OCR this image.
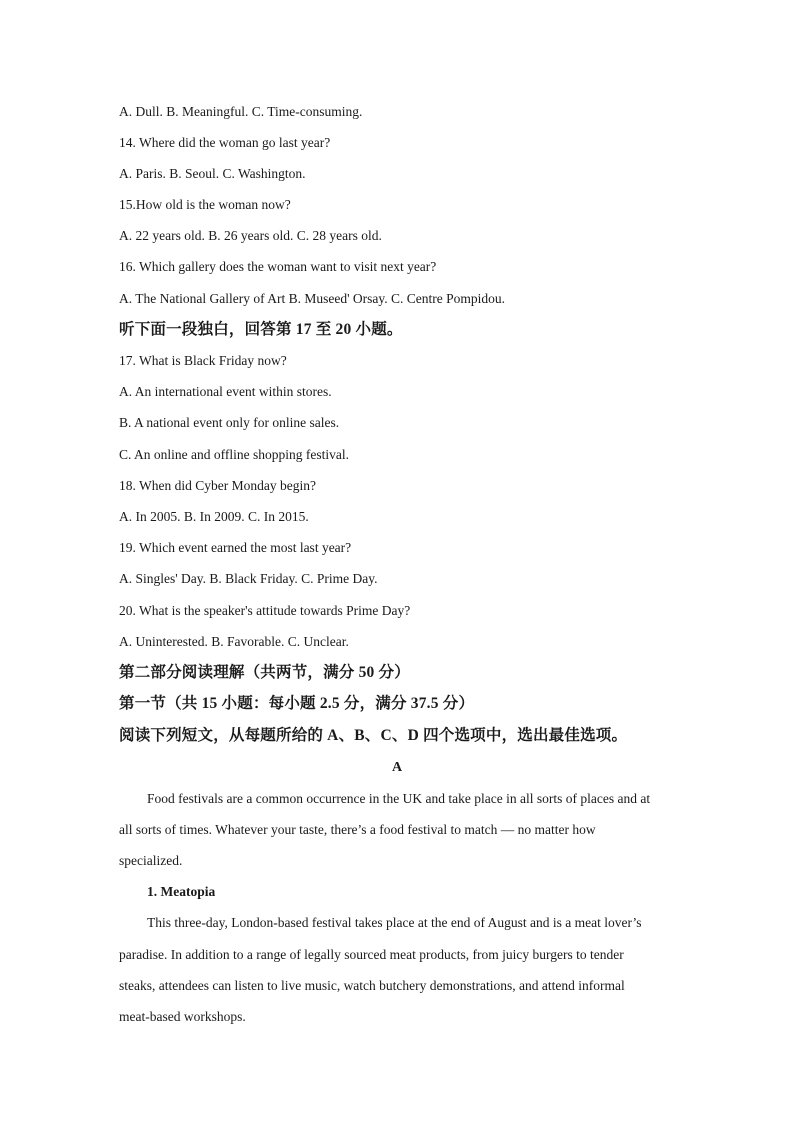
A. Dull. B. Meaningful. C. Time-consuming.
14. Where did the woman go last year?
A. Paris. B. Seoul. C. Washington.
15.How old is the woman now?
A. 22 years old. B. 26 years old. C. 28 years old.
16. Which gallery does the woman want to visit next year?
A. The National Gallery of Art B. Museed' Orsay. C. Centre Pompidou.
听下面一段独白，回答第 17 至 20 小题。
17. What is Black Friday now?
A. An international event within stores.
B. A national event only for online sales.
C. An online and offline shopping festival.
18. When did Cyber Monday begin?
A. In 2005. B. In 2009. C. In 2015.
19. Which event earned the most last year?
A. Singles' Day. B. Black Friday. C. Prime Day.
20. What is the speaker's attitude towards Prime Day?
A. Uninterested. B. Favorable. C. Unclear.
第二部分阅读理解（共两节，满分 50 分）
第一节（共 15 小题：每小题 2.5 分，满分 37.5 分）
阅读下列短文，从每题所给的 A、B、C、D 四个选项中，选出最佳选项。
A
Food festivals are a common occurrence in the UK and take place in all sorts of places and at
all sorts of times. Whatever your taste, there’s a food festival to match — no matter how
specialized.
1. Meatopia
This three-day, London-based festival takes place at the end of August and is a meat lover’s
paradise. In addition to a range of legally sourced meat products, from juicy burgers to tender
steaks, attendees can listen to live music, watch butchery demonstrations, and attend informal
meat-based workshops.
